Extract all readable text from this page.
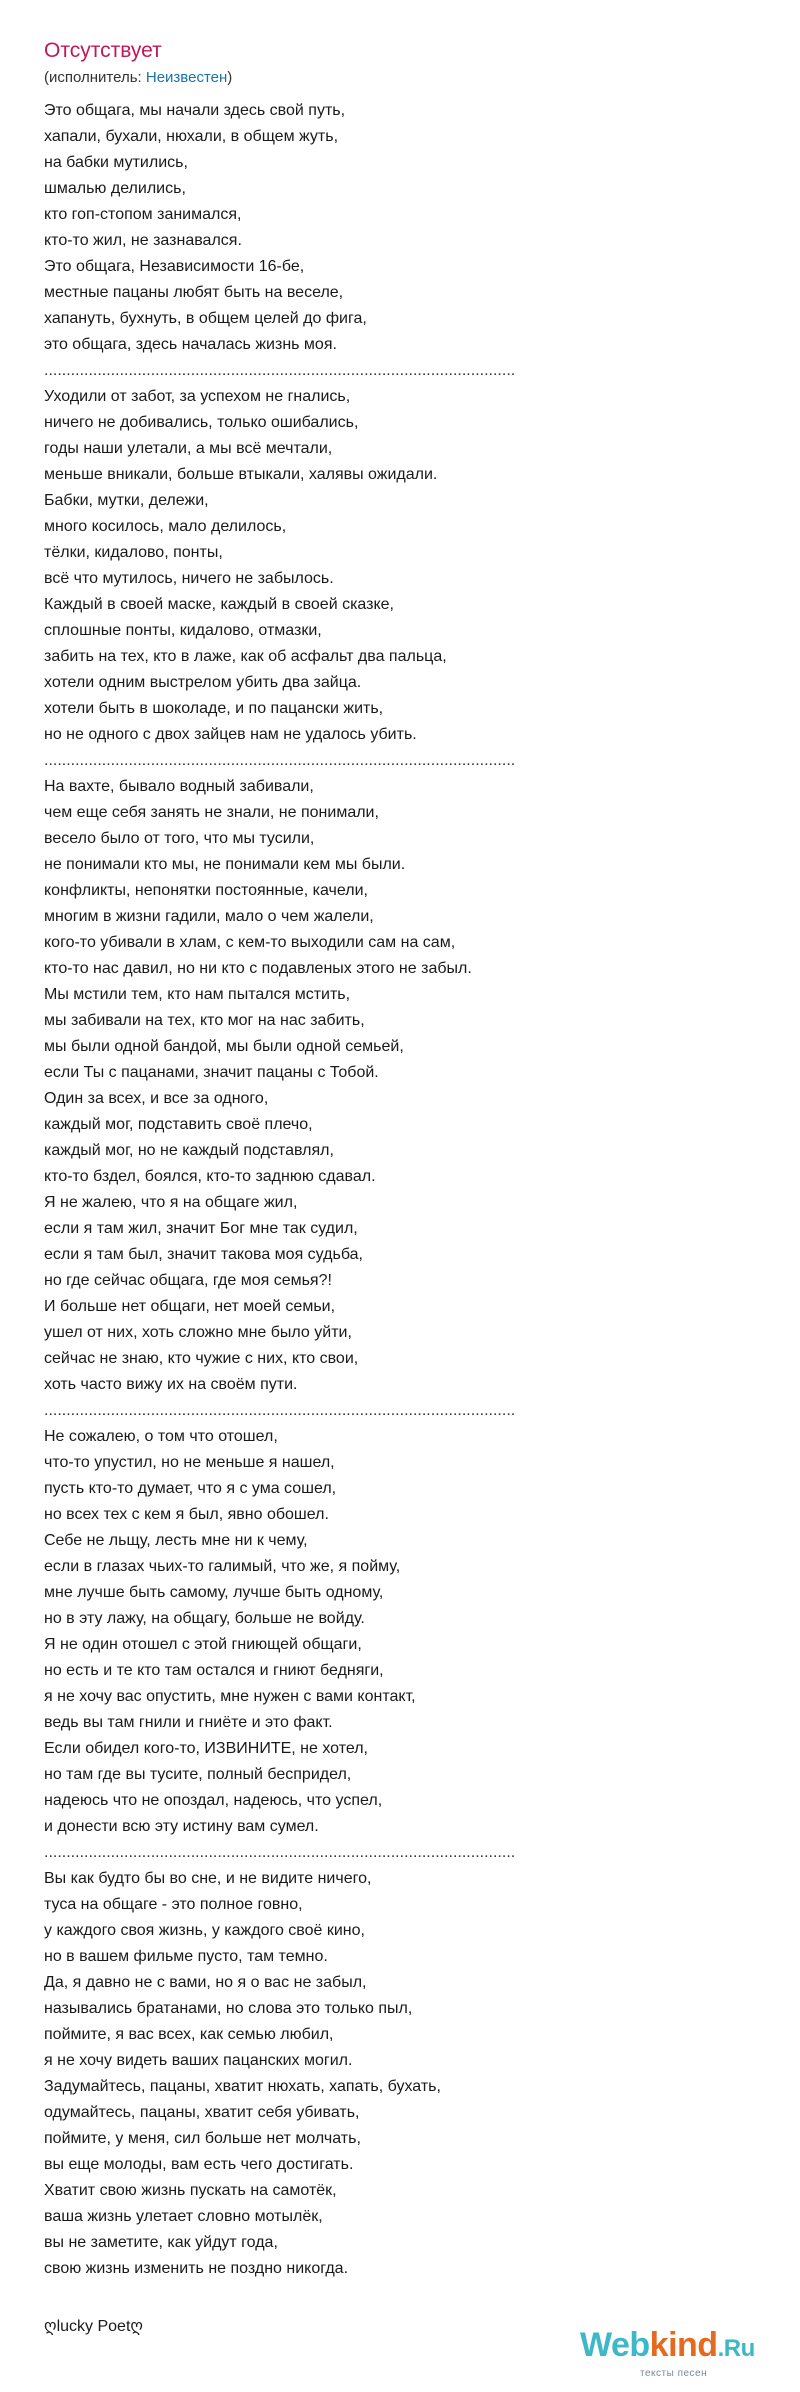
Отсутствует
(исполнитель: Неизвестен)
Это общага, мы начали здесь свой путь,
хапали, бухали, нюхали, в общем жуть,
на бабки мутились,
шмалью делились,
кто гоп-стопом занимался,
кто-то жил, не зазнавался.
Это общага, Независимости 16-бе,
местные пацаны любят быть на веселе,
хапануть, бухнуть, в общем целей до фига,
это общага, здесь началась жизнь моя.
..........................................................................................................
Уходили от забот, за успехом не гнались,
ничего не добивались, только ошибались,
годы наши улетали, а мы всё мечтали,
меньше вникали, больше втыкали, халявы ожидали.
Бабки, мутки, дележи,
много косилось, мало делилось,
тёлки, кидалово, понты,
всё что мутилось, ничего не забылось.
Каждый в своей маске, каждый в своей сказке,
сплошные понты, кидалово, отмазки,
забить на тех, кто в лаже, как об асфальт два пальца,
хотели одним выстрелом убить два зайца.
хотели быть в шоколаде, и по пацански жить,
но не одного с двох зайцев нам не удалось убить.
..........................................................................................................
На вахте, бывало водный забивали,
чем еще себя занять не знали, не понимали,
весело было от того, что мы тусили,
не понимали кто мы, не понимали кем мы были.
конфликты, непонятки постоянные, качели,
многим в жизни гадили, мало о чем жалели,
кого-то убивали в хлам, с кем-то выходили сам на сам,
кто-то нас давил, но ни кто с подавленых этого не забыл.
Мы мстили тем, кто нам пытался мстить,
мы забивали на тех, кто мог на нас забить,
мы были одной бандой, мы были одной семьей,
если Ты с пацанами, значит пацаны с Тобой.
Один за всех, и все за одного,
каждый мог, подставить своё плечо,
каждый мог, но не каждый подставлял,
кто-то бздел, боялся, кто-то заднюю сдавал.
Я не жалею, что я на общаге жил,
если я там жил, значит Бог мне так судил,
если я там был, значит такова моя судьба,
но где сейчас общага, где моя семья?!
И больше нет общаги, нет моей семьи,
ушел от них, хоть сложно мне было уйти,
сейчас не знаю, кто чужие с них, кто свои,
хоть часто вижу их на своём пути.
..........................................................................................................
Не сожалею, о том что отошел,
что-то упустил, но не меньше я нашел,
пусть кто-то думает, что я с ума сошел,
но всех тех с кем я был, явно обошел.
Себе не льщу, лесть мне ни к чему,
если в глазах чьих-то галимый, что же, я пойму,
мне лучше быть самому, лучше быть одному,
но в эту лажу, на общагу, больше не войду.
Я не один отошел с этой гниющей общаги,
но есть и те кто там остался и гниют бедняги,
я не хочу вас опустить, мне нужен с вами контакт,
ведь вы там гнили и гниёте и это факт.
Если обидел кого-то, ИЗВИНИТЕ, не хотел,
но там где вы тусите, полный беспридел,
надеюсь что не опоздал, надеюсь, что успел,
и донести всю эту истину вам сумел.
..........................................................................................................
Вы как будто бы во сне, и не видите ничего,
туса на общаге - это полное говно,
у каждого своя жизнь, у каждого своё кино,
но в вашем фильме пусто, там темно.
Да, я давно не с вами, но я о вас не забыл,
назывались братанами, но слова это только пыл,
поймите, я вас всех, как семью любил,
я не хочу видеть ваших пацанских могил.
Задумайтесь, пацаны, хватит нюхать, хапать, бухать,
одумайтесь, пацаны, хватит себя убивать,
поймите, у меня, сил больше нет молчать,
вы еще молоды, вам есть чего достигать.
Хватит свою жизнь пускать на самотёк,
ваша жизнь улетает словно мотылёк,
вы не заметите, как уйдут года,
свою жизнь изменить не поздно никогда.
ღlucky Poetღ	Webkind.Ru
тексты песен
